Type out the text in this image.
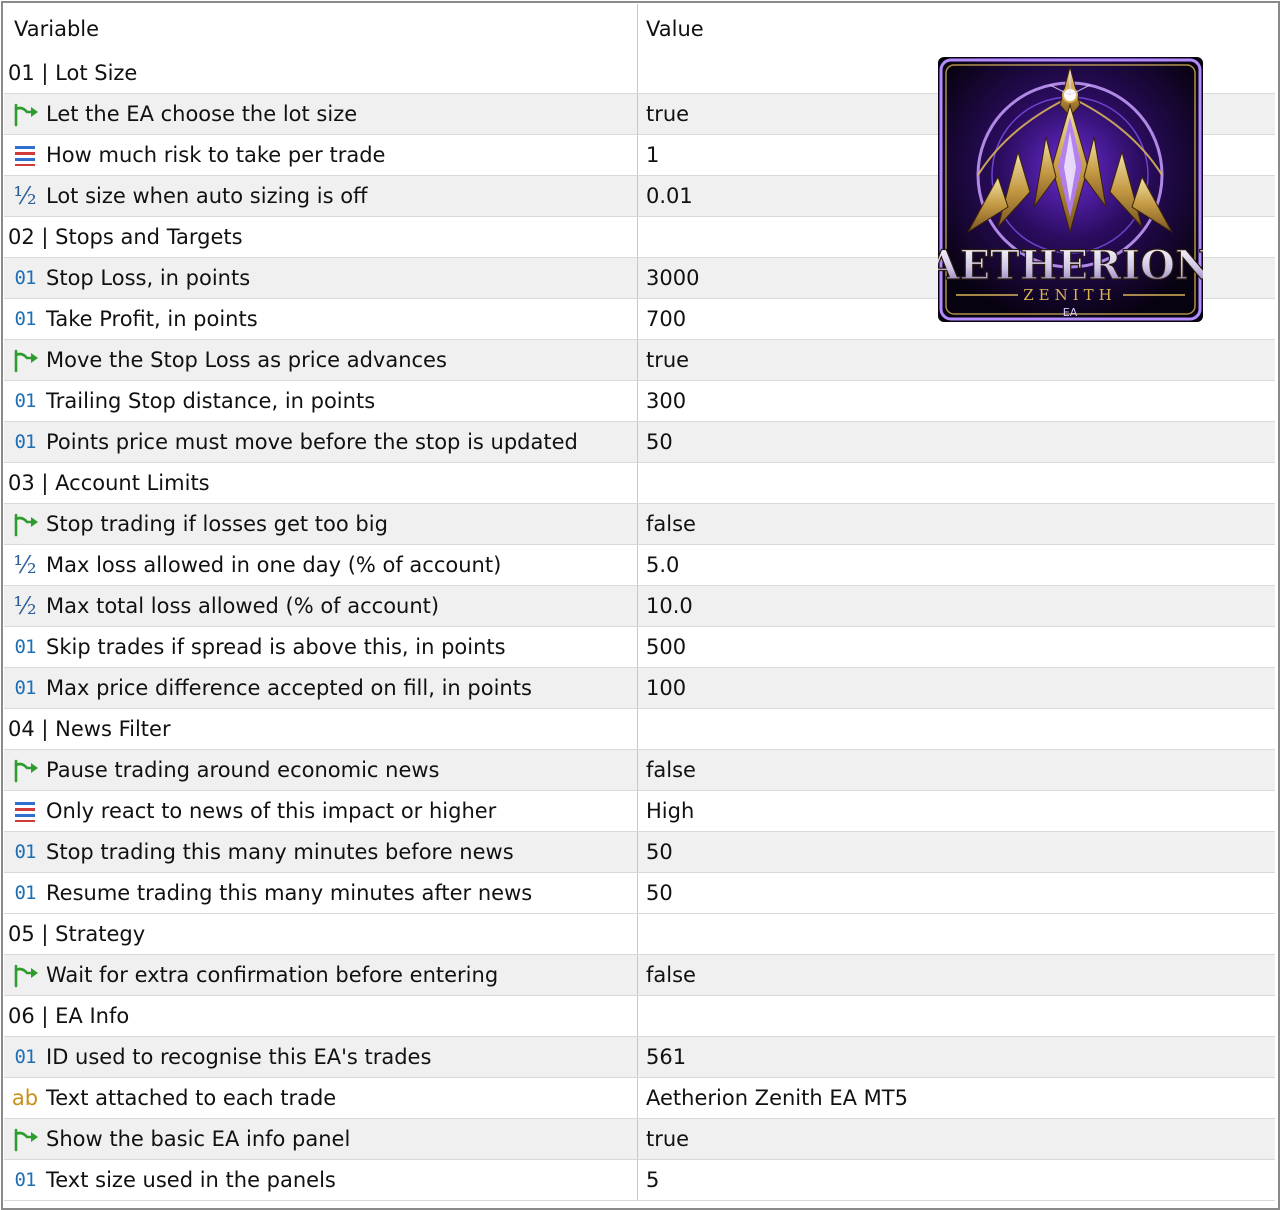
Variable	Value
01 | Lot Size
Let the EA choose the lot size	true
How much risk to take per trade	1
½ Lot size when auto sizing is off	0.01
02 | Stops and Targets
01 Stop Loss, in points	3000
01 Take Profit, in points	700
Move the Stop Loss as price advances	true
01 Trailing Stop distance, in points	300
01 Points price must move before the stop is updated	50
03 | Account Limits
Stop trading if losses get too big	false
½ Max loss allowed in one day (% of account)	5.0
½ Max total loss allowed (% of account)	10.0
01 Skip trades if spread is above this, in points	500
01 Max price difference accepted on fill, in points	100
04 | News Filter
Pause trading around economic news	false
Only react to news of this impact or higher	High
01 Stop trading this many minutes before news	50
01 Resume trading this many minutes after news	50
05 | Strategy
Wait for extra confirmation before entering	false
06 | EA Info
01 ID used to recognise this EA's trades	561
ab Text attached to each trade	Aetherion Zenith EA MT5
Show the basic EA info panel	true
01 Text size used in the panels	5
AETHERION
ZENITH
EA
